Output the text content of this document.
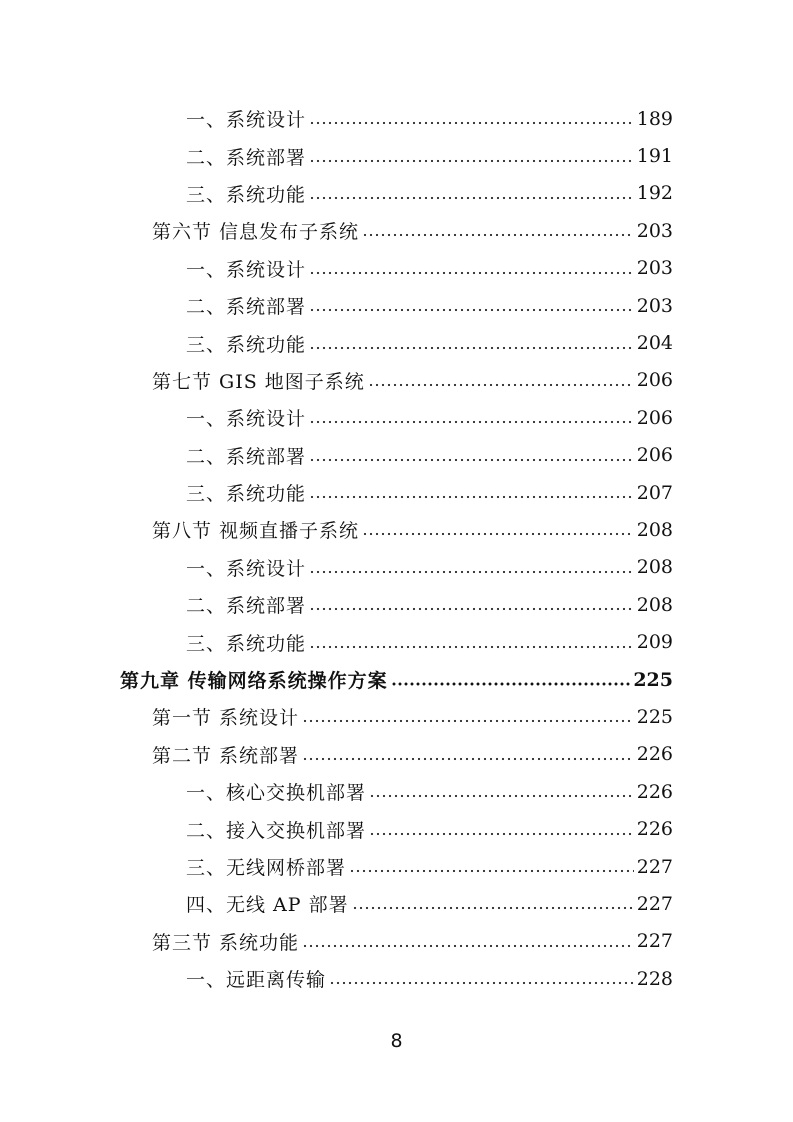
一、系统设计	189
二、系统部署	191
三、系统功能	192
第六节 信息发布子系统	203
一、系统设计	203
二、系统部署	203
三、系统功能	204
第七节 GIS 地图子系统	206
一、系统设计	206
二、系统部署	206
三、系统功能	207
第八节 视频直播子系统	208
一、系统设计	208
二、系统部署	208
三、系统功能	209
第九章 传输网络系统操作方案	225
第一节 系统设计	225
第二节 系统部署	226
一、核心交换机部署	226
二、接入交换机部署	226
三、无线网桥部署	227
四、无线 AP 部署	227
第三节 系统功能	227
一、远距离传输	228
8
